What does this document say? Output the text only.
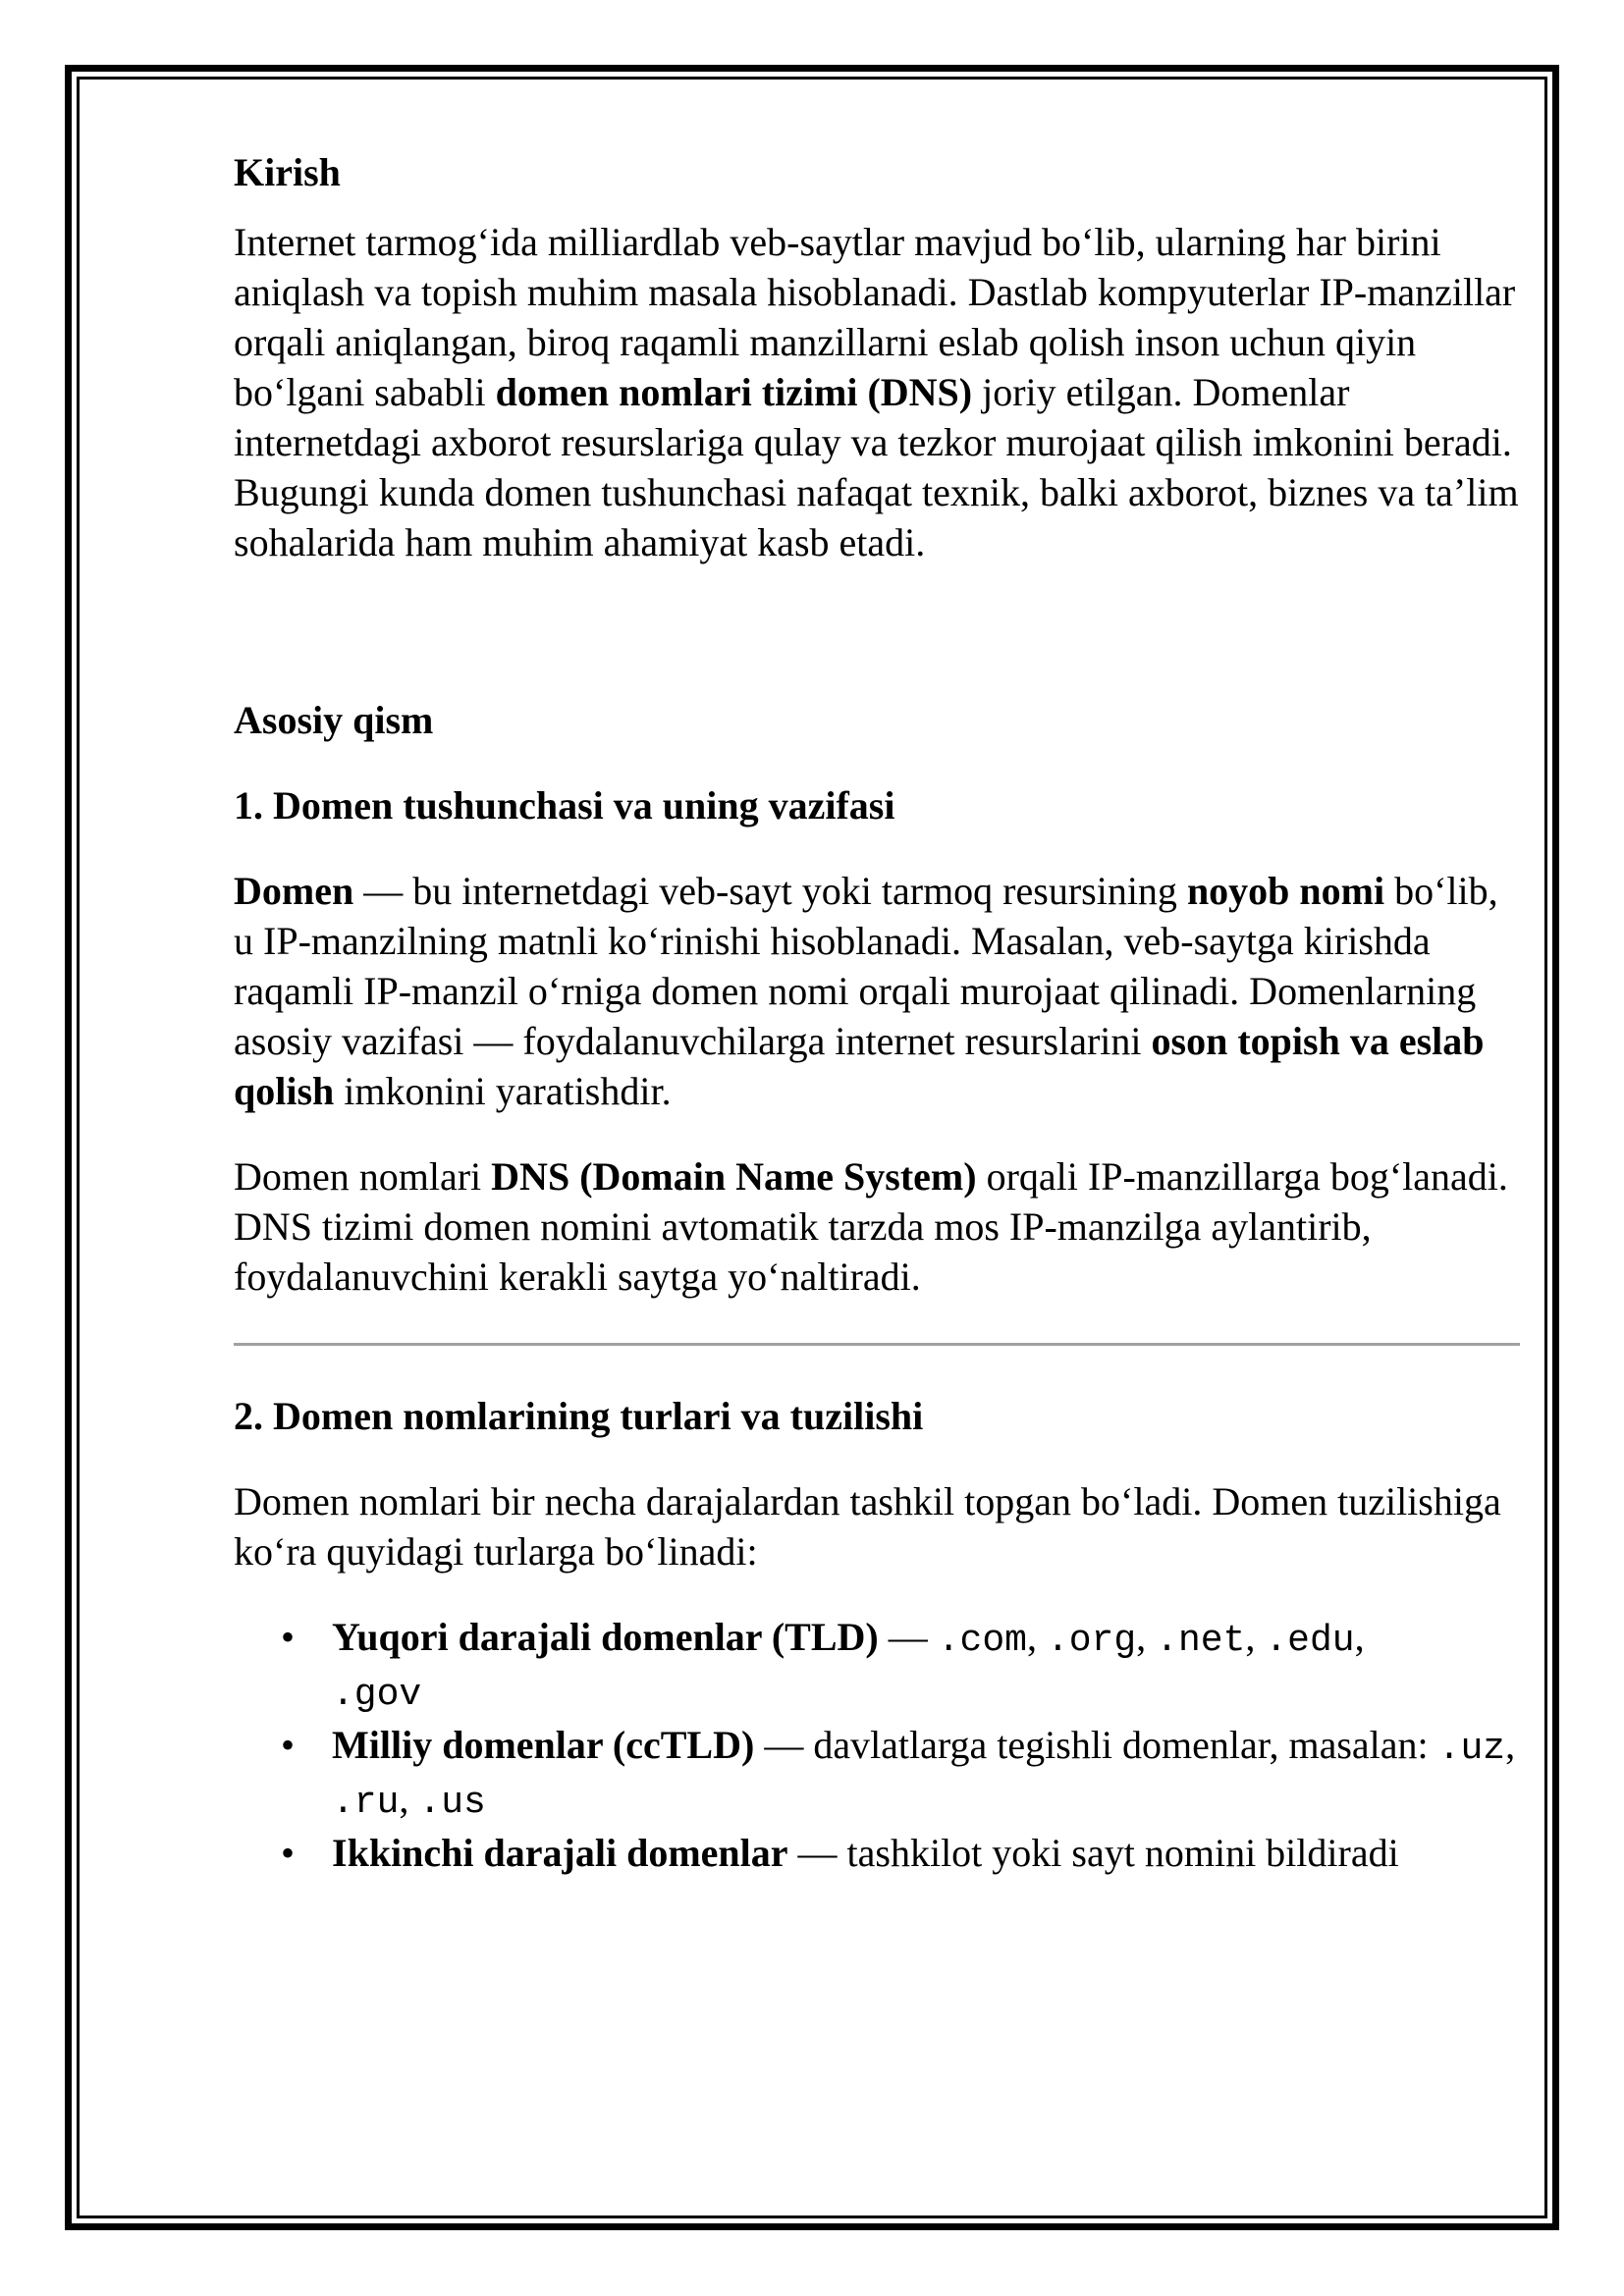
Kirish

Internet tarmog‘ida milliardlab veb-saytlar mavjud bo‘lib, ularning har birini aniqlash va topish muhim masala hisoblanadi. Dastlab kompyuterlar IP-manzillar orqali aniqlangan, biroq raqamli manzillarni eslab qolish inson uchun qiyin bo‘lgani sababli domen nomlari tizimi (DNS) joriy etilgan. Domenlar internetdagi axborot resurslariga qulay va tezkor murojaat qilish imkonini beradi. Bugungi kunda domen tushunchasi nafaqat texnik, balki axborot, biznes va ta’lim sohalarida ham muhim ahamiyat kasb etadi.

Asosiy qism

1. Domen tushunchasi va uning vazifasi

Domen — bu internetdagi veb-sayt yoki tarmoq resursining noyob nomi bo‘lib, u IP-manzilning matnli ko‘rinishi hisoblanadi. Masalan, veb-saytga kirishda raqamli IP-manzil o‘rniga domen nomi orqali murojaat qilinadi. Domenlarning asosiy vazifasi — foydalanuvchilarga internet resurslarini oson topish va eslab qolish imkonini yaratishdir.

Domen nomlari DNS (Domain Name System) orqali IP-manzillarga bog‘lanadi. DNS tizimi domen nomini avtomatik tarzda mos IP-manzilga aylantirib, foydalanuvchini kerakli saytga yo‘naltiradi.

2. Domen nomlarining turlari va tuzilishi

Domen nomlari bir necha darajalardan tashkil topgan bo‘ladi. Domen tuzilishiga ko‘ra quyidagi turlarga bo‘linadi:

• Yuqori darajali domenlar (TLD) — .com, .org, .net, .edu,
.gov
• Milliy domenlar (ccTLD) — davlatlarga tegishli domenlar, masalan: .uz, .ru, .us
• Ikkinchi darajali domenlar — tashkilot yoki sayt nomini bildiradi
